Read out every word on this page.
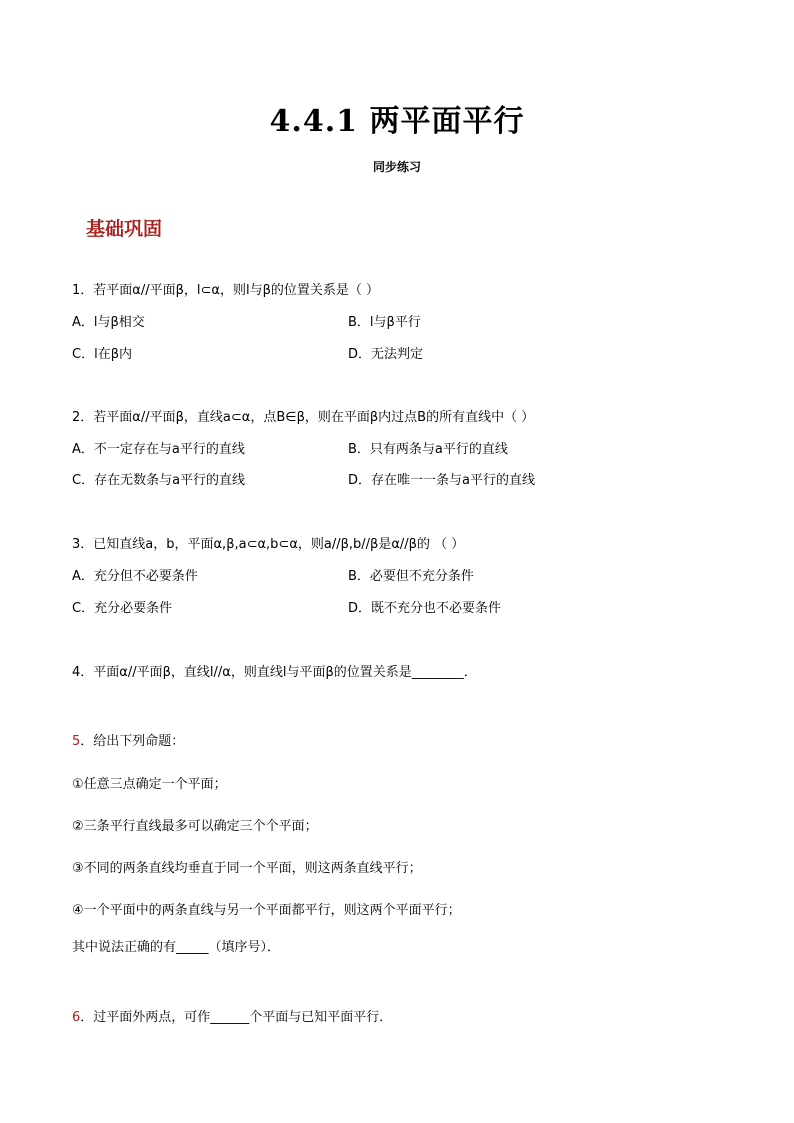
4.4.1 两平面平行
同步练习
基础巩固
1．若平面α//平面β，l⊂α，则l与β的位置关系是（ ）
A．l与β相交	B．l与β平行
C．l在β内	D．无法判定
2．若平面α//平面β，直线a⊂α，点B∈β，则在平面β内过点B的所有直线中（ ）
A．不一定存在与a平行的直线	B．只有两条与a平行的直线
C．存在无数条与a平行的直线	D．存在唯一一条与a平行的直线
3．已知直线a，b，平面α,β,a⊂α,b⊂α，则a//β,b//β是α//β的 （ ）
A．充分但不必要条件	B．必要但不充分条件
C．充分必要条件	D．既不充分也不必要条件
4．平面α//平面β，直线l//α，则直线l与平面β的位置关系是________．
5．给出下列命题：
①任意三点确定一个平面；
②三条平行直线最多可以确定三个个平面；
③不同的两条直线均垂直于同一个平面，则这两条直线平行；
④一个平面中的两条直线与另一个平面都平行，则这两个平面平行；
其中说法正确的有_____（填序号）．
6．过平面外两点，可作______个平面与已知平面平行．
